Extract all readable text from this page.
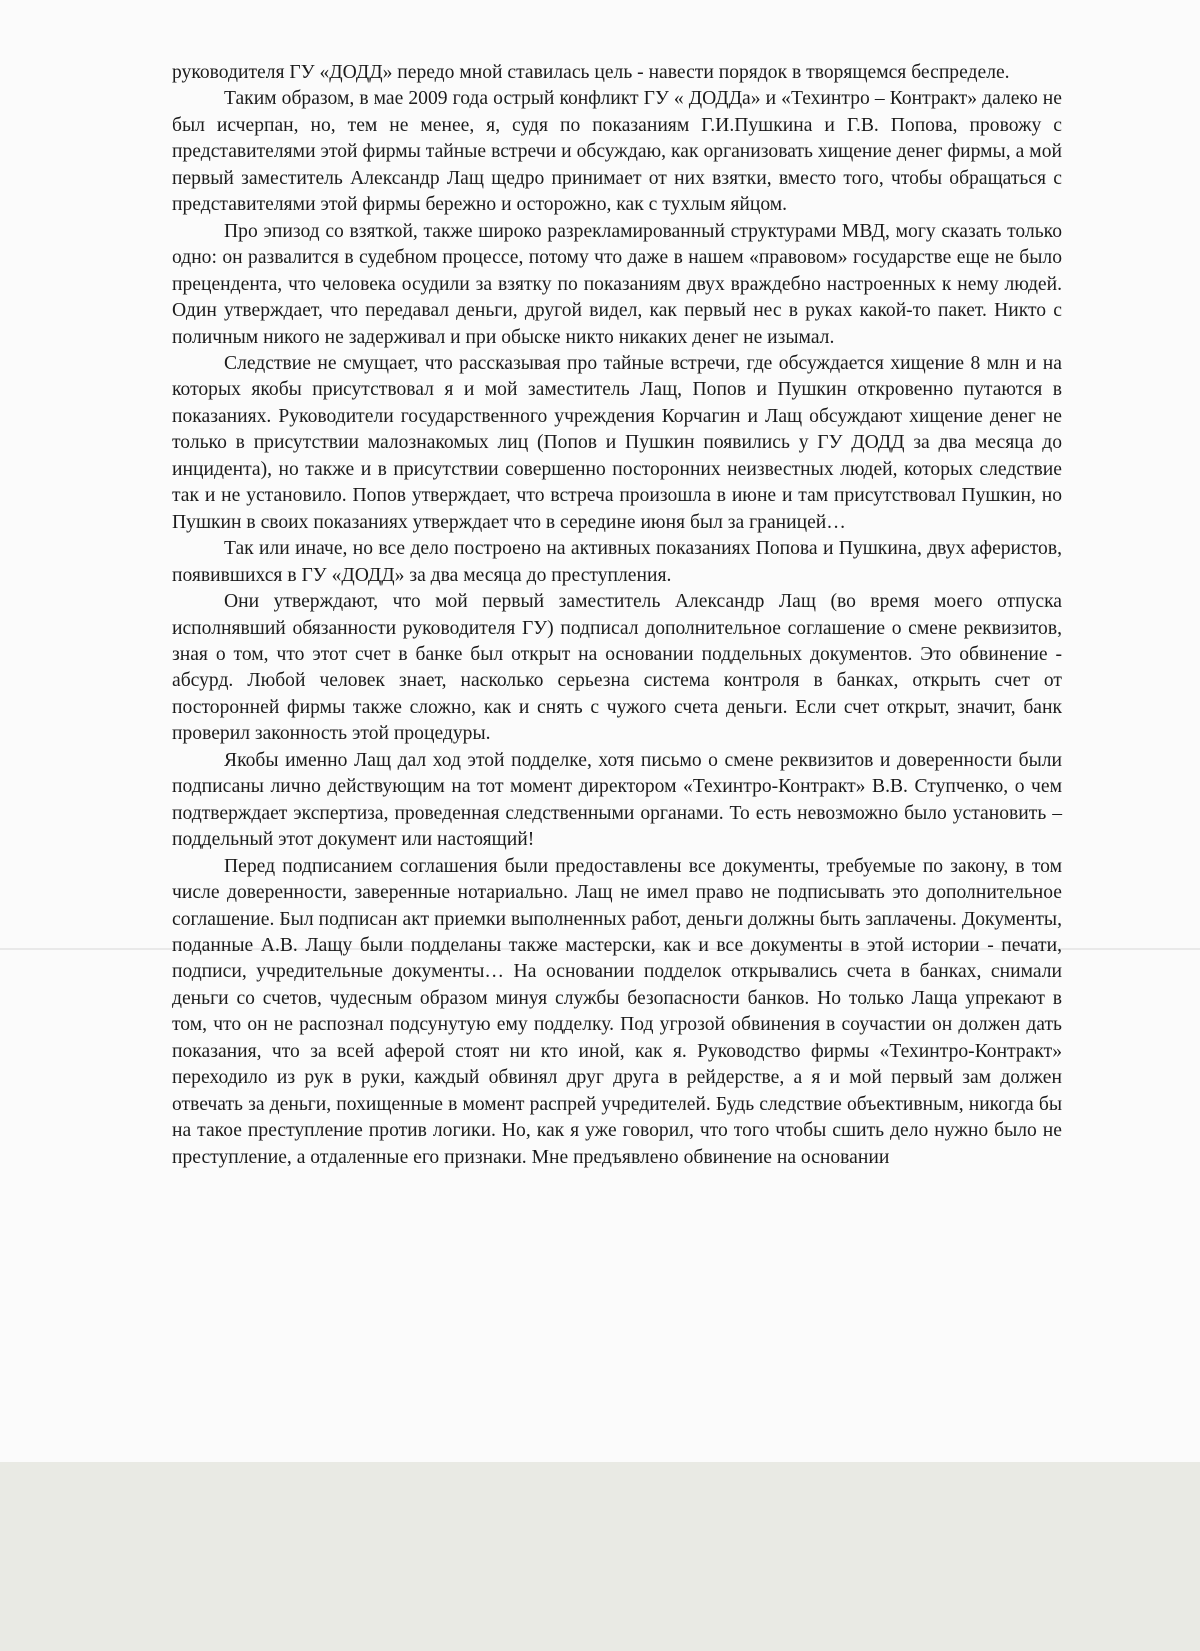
руководителя ГУ «ДОДД» передо мной ставилась цель - навести порядок в творящемся беспределе.

Таким образом, в мае 2009 года острый конфликт ГУ « ДОДДа» и «Техинтро – Контракт» далеко не был исчерпан, но, тем не менее, я, судя по показаниям Г.И.Пушкина и Г.В. Попова, провожу с представителями этой фирмы тайные встречи и обсуждаю, как организовать хищение денег фирмы, а мой первый заместитель Александр Лащ щедро принимает от них взятки, вместо того, чтобы обращаться с представителями этой фирмы бережно и осторожно, как с тухлым яйцом.

Про эпизод со взяткой, также широко разрекламированный структурами МВД, могу сказать только одно: он развалится в судебном процессе, потому что даже в нашем «правовом» государстве еще не было прецендента, что человека осудили за взятку по показаниям двух враждебно настроенных к нему людей. Один утверждает, что передавал деньги, другой видел, как первый нес в руках какой-то пакет. Никто с поличным никого не задерживал и при обыске никто никаких денег не изымал.

Следствие не смущает, что рассказывая про тайные встречи, где обсуждается хищение 8 млн и на которых якобы присутствовал я и мой заместитель Лащ, Попов и Пушкин откровенно путаются в показаниях. Руководители государственного учреждения Корчагин и Лащ обсуждают хищение денег не только в присутствии малознакомых лиц (Попов и Пушкин появились у ГУ ДОДД за два месяца до инцидента), но также и в присутствии совершенно посторонних неизвестных людей, которых следствие так и не установило. Попов утверждает, что встреча произошла в июне и там присутствовал Пушкин, но Пушкин в своих показаниях утверждает что в середине июня был за границей…

Так или иначе, но все дело построено на активных показаниях Попова и Пушкина, двух аферистов, появившихся в ГУ «ДОДД» за два месяца до преступления.

Они утверждают, что мой первый заместитель Александр Лащ (во время моего отпуска исполнявший обязанности руководителя ГУ) подписал дополнительное соглашение о смене реквизитов, зная о том, что этот счет в банке был открыт на основании поддельных документов. Это обвинение - абсурд. Любой человек знает, насколько серьезна система контроля в банках, открыть счет от посторонней фирмы также сложно, как и снять с чужого счета деньги. Если счет открыт, значит, банк проверил законность этой процедуры.

Якобы именно Лащ дал ход этой подделке, хотя письмо о смене реквизитов и доверенности были подписаны лично действующим на тот момент директором «Техинтро-Контракт» В.В. Ступченко, о чем подтверждает экспертиза, проведенная следственными органами. То есть невозможно было установить – поддельный этот документ или настоящий!

Перед подписанием соглашения были предоставлены все документы, требуемые по закону, в том числе доверенности, заверенные нотариально. Лащ не имел право не подписывать это дополнительное соглашение. Был подписан акт приемки выполненных работ, деньги должны быть заплачены. Документы, поданные А.В. Лащу были подделаны также мастерски, как и все документы в этой истории - печати, подписи, учредительные документы… На основании подделок открывались счета в банках, снимали деньги со счетов, чудесным образом минуя службы безопасности банков. Но только Лаща упрекают в том, что он не распознал подсунутую ему подделку. Под угрозой обвинения в соучастии он должен дать показания, что за всей аферой стоят ни кто иной, как я. Руководство фирмы «Техинтро-Контракт» переходило из рук в руки, каждый обвинял друг друга в рейдерстве, а я и мой первый зам должен отвечать за деньги, похищенные в момент распрей учредителей. Будь следствие объективным, никогда бы на такое преступление против логики. Но, как я уже говорил, что того чтобы сшить дело нужно было не преступление, а отдаленные его признаки. Мне предъявлено обвинение на основании
